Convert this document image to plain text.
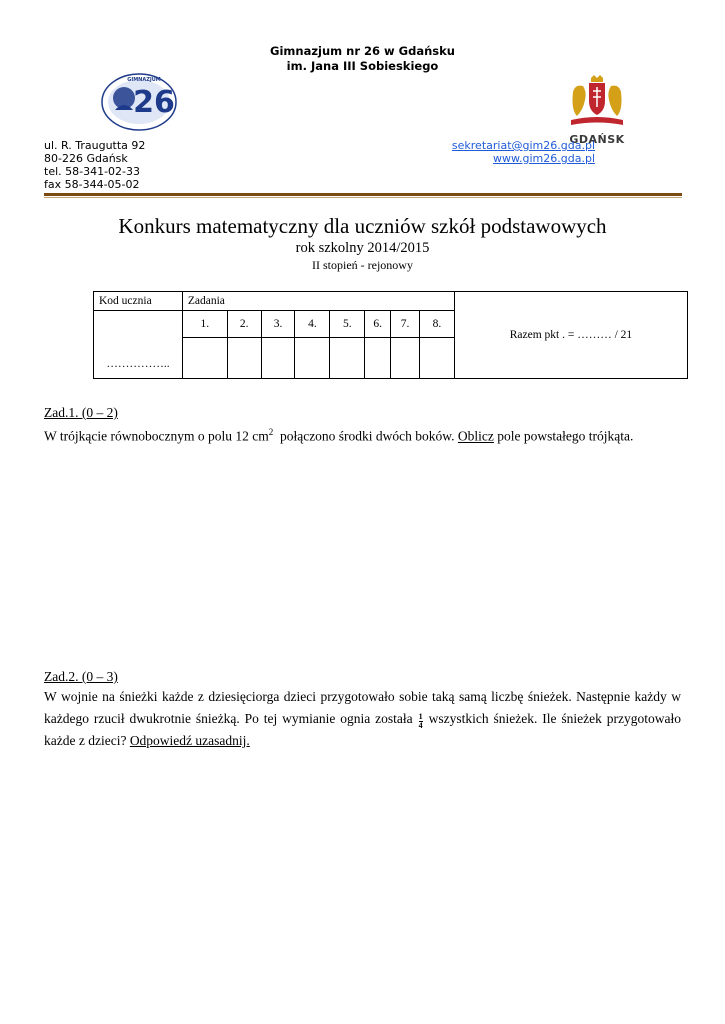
Gimnazjum nr 26 w Gdańsku
im. Jana III Sobieskiego
26
GIMNAZJUM
GDAŃSK
ul. R. Traugutta 92
80-226 Gdańsk
tel. 58-341-02-33
fax 58-344-05-02
sekretariat@gim26.gda.pl
www.gim26.gda.pl
Konkurs matematyczny dla uczniów szkół podstawowych
rok szkolny 2014/2015
II stopień - rejonowy
Kod ucznia	Zadania								Razem pkt . = ……… / 21
……………..	1.	2.	3.	4.	5.	6.	7.	8.	

Zad.1. (0 – 2)
W trójkącie równobocznym o polu 12 $cm^2$  połączono środki dwóch boków. Oblicz pole powstałego trójkąta.
Zad.2. (0 – 3)
W wojnie na śnieżki każde z dziesięciorga dzieci przygotowało sobie taką samą liczbę śnieżek. Następnie każdy w każdego rzucił dwukrotnie śnieżką. Po tej wymianie ognia została $\frac{1}{4}$ wszystkich śnieżek. Ile śnieżek przygotowało każde z dzieci? Odpowiedź uzasadnij.
